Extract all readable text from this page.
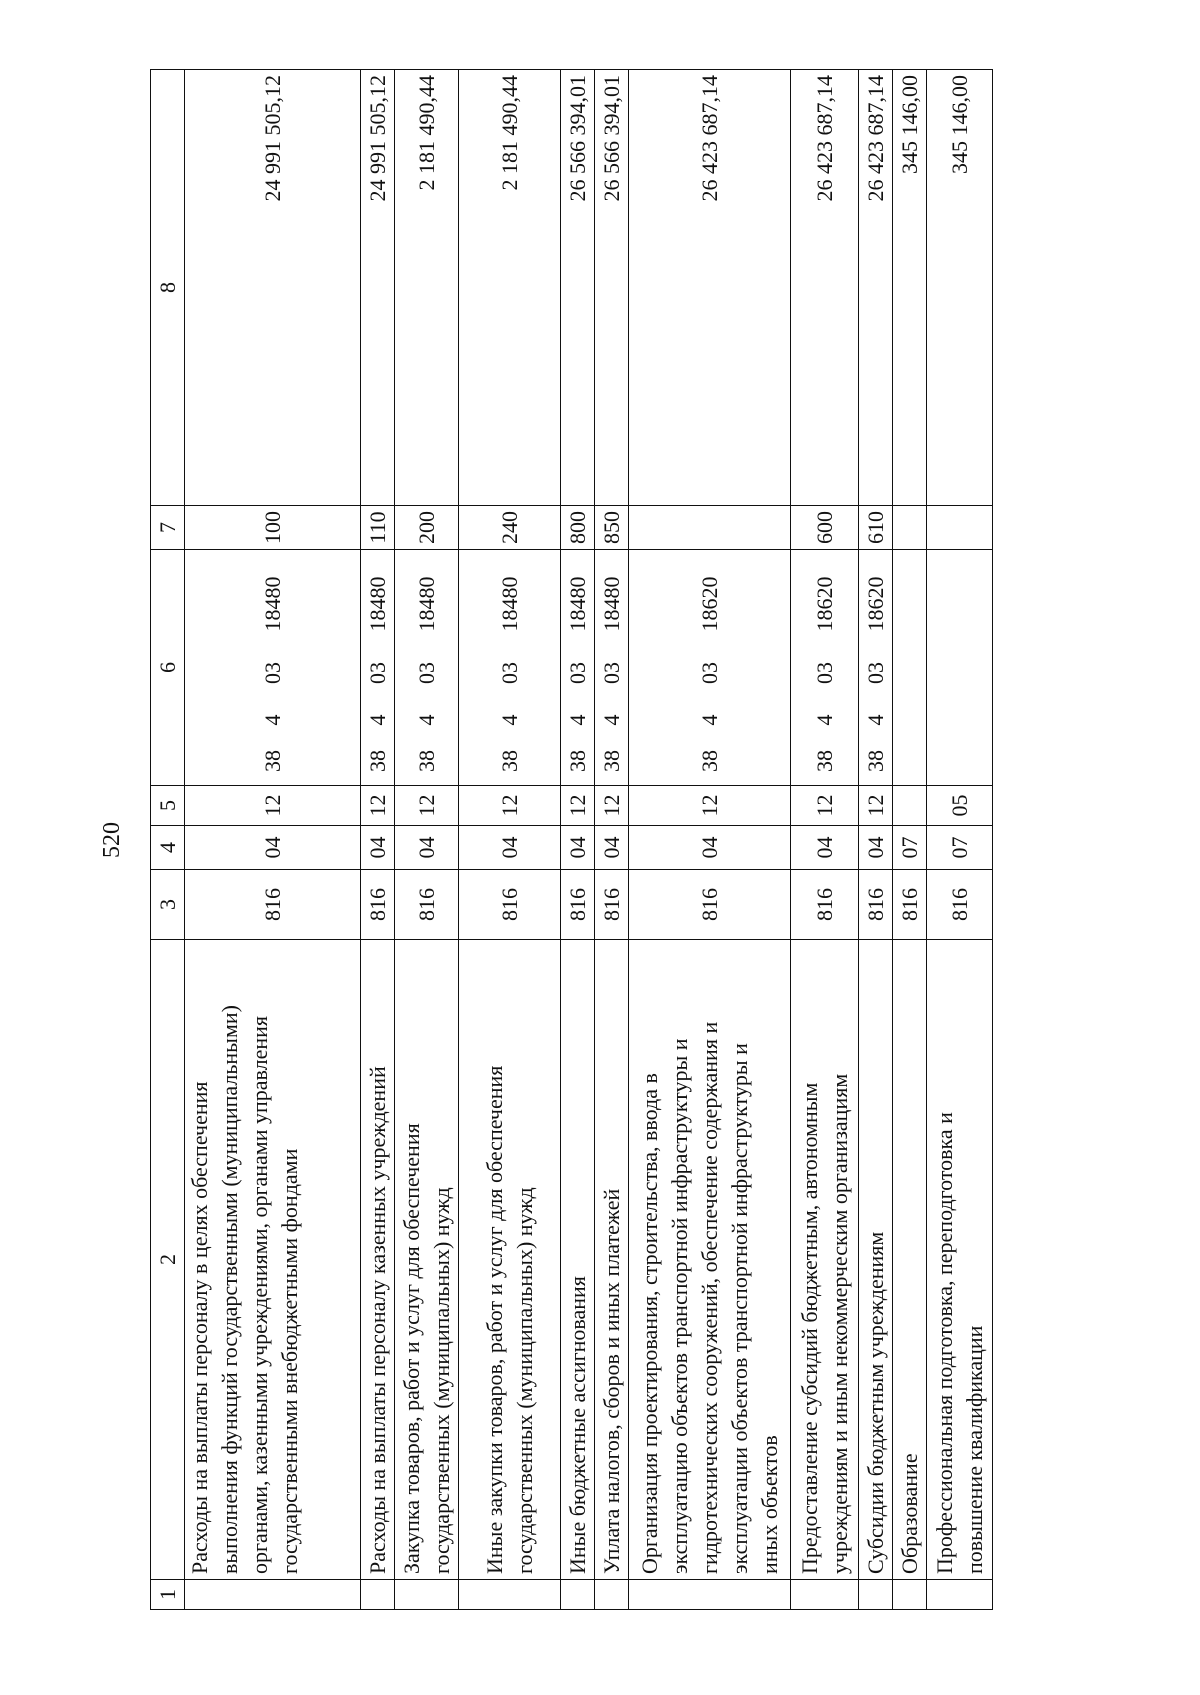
520
1	2	3	4	5	6	7	8

	Расходы на выплаты персоналу в целях обеспечения выполнения функций государственными (муниципальными) органами, казенными учреждениями, органами управления государственными внебюджетными фондами	816	04	12	3840318480	100	24 991 505,12

	Расходы на выплаты персоналу казенных учреждений	816	04	12	3840318480	110	24 991 505,12

	Закупка товаров, работ и услуг для обеспечения государственных (муниципальных) нужд	816	04	12	3840318480	200	2 181 490,44

	Иные закупки товаров, работ и услуг для обеспечения государственных (муниципальных) нужд	816	04	12	3840318480	240	2 181 490,44

	Иные бюджетные ассигнования	816	04	12	3840318480	800	26 566 394,01

	Уплата налогов, сборов и иных платежей	816	04	12	3840318480	850	26 566 394,01

	Организация проектирования, строительства, ввода в эксплуатацию объектов транспортной инфраструктуры и гидротехнических сооружений, обеспечение содержания и эксплуатации объектов транспортной инфраструктуры и иных объектов	816	04	12	3840318620		26 423 687,14

	Предоставление субсидий бюджетным, автономным учреждениям и иным некоммерческим организациям	816	04	12	3840318620	600	26 423 687,14

	Субсидии бюджетным учреждениям	816	04	12	3840318620	610	26 423 687,14

	Образование	816	07				345 146,00

	Профессиональная подготовка, переподготовка и повышение квалификации	816	07	05			345 146,00
